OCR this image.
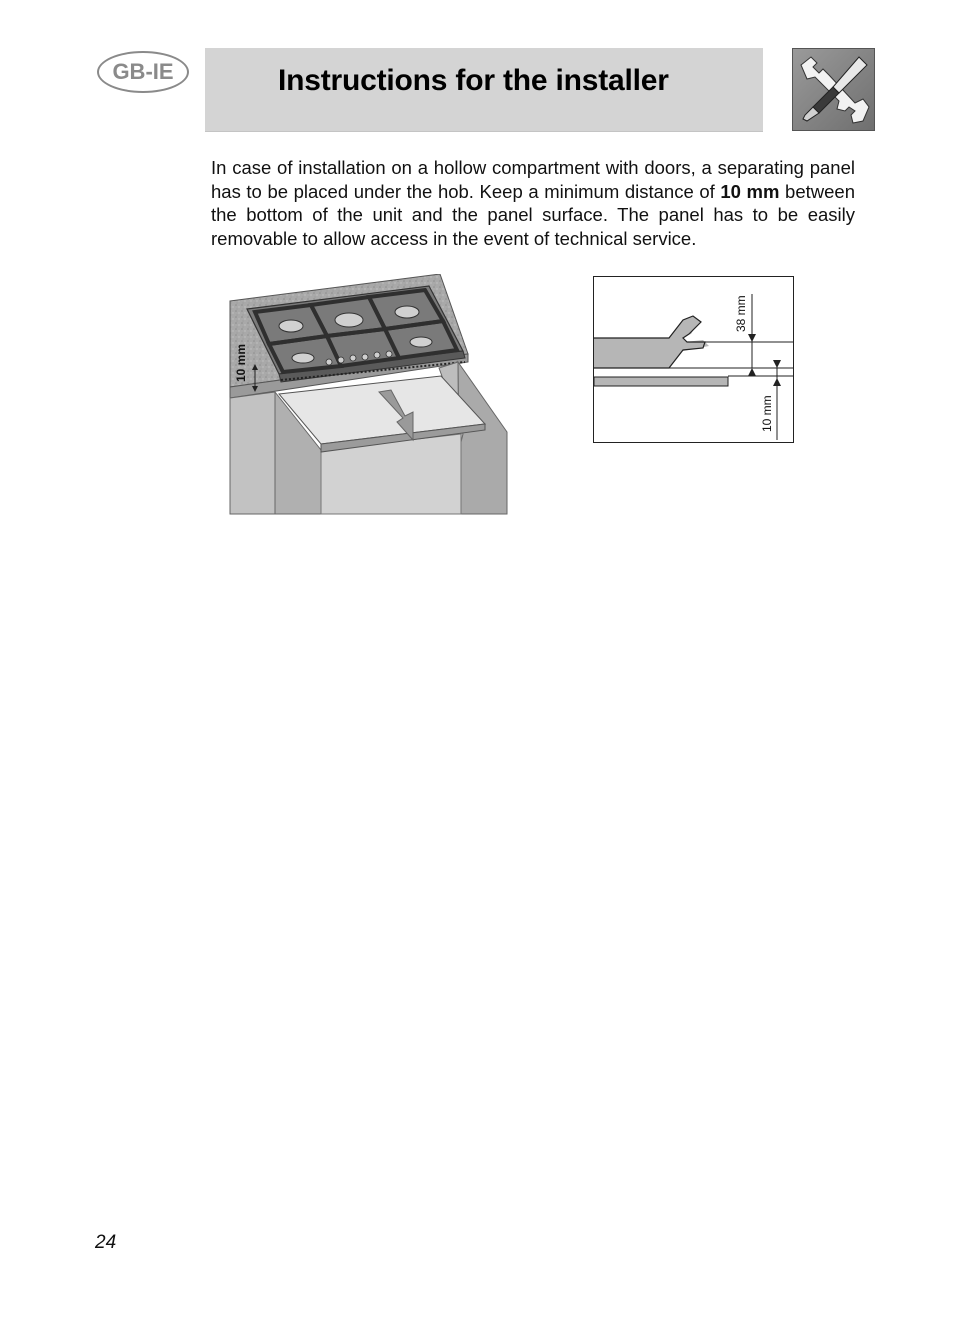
GB-IE	Instructions for the installer
In case of installation on a hollow compartment with doors, a separating panel has to be placed under the hob. Keep a minimum distance of 10 mm between the bottom of the unit and the panel surface. The panel has to be easily removable to allow access in the event of technical service.
10 mm
38 mm
10 mm
24
